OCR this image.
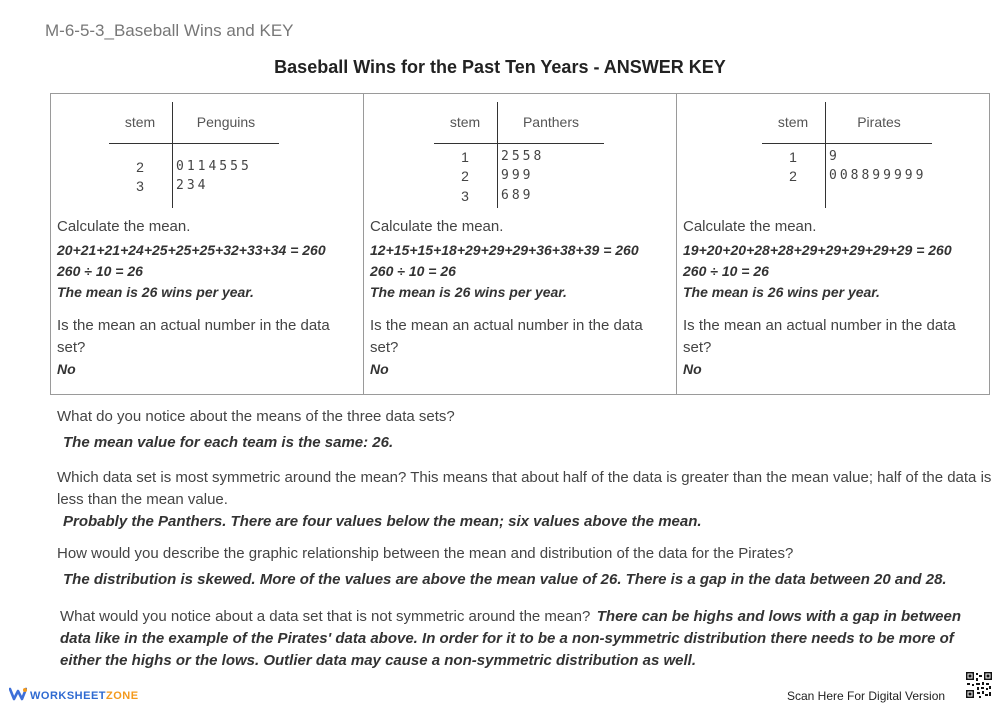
M-6-5-3_Baseball Wins and KEY
Baseball Wins for the Past Ten Years - ANSWER KEY
stem	Penguins
2	0114555
3	234
Calculate the mean.
20+21+21+24+25+25+25+32+33+34 = 260
260 ÷ 10 = 26
The mean is 26 wins per year.
Is the mean an actual number in the data set?
No
stem	Panthers
1	2558
2	999
3	689
Calculate the mean.
12+15+15+18+29+29+29+36+38+39 = 260
260 ÷ 10 = 26
The mean is 26 wins per year.
Is the mean an actual number in the data set?
No
stem	Pirates
1	9
2	008899999
Calculate the mean.
19+20+20+28+28+29+29+29+29+29 = 260
260 ÷ 10 = 26
The mean is 26 wins per year.
Is the mean an actual number in the data set?
No
What do you notice about the means of the three data sets?
The mean value for each team is the same: 26.
Which data set is most symmetric around the mean? This means that about half of the data is greater than the mean value; half of the data is less than the mean value.
Probably the Panthers. There are four values below the mean; six values above the mean.
How would you describe the graphic relationship between the mean and distribution of the data for the Pirates?
The distribution is skewed. More of the values are above the mean value of 26. There is a gap in the data between 20 and 28.
What would you notice about a data set that is not symmetric around the mean? There can be highs and lows with a gap in between data like in the example of the Pirates' data above. In order for it to be a non-symmetric distribution there needs to be more of either the highs or the lows. Outlier data may cause a non-symmetric distribution as well.
WORKSHEET ZONE	Scan Here For Digital Version
